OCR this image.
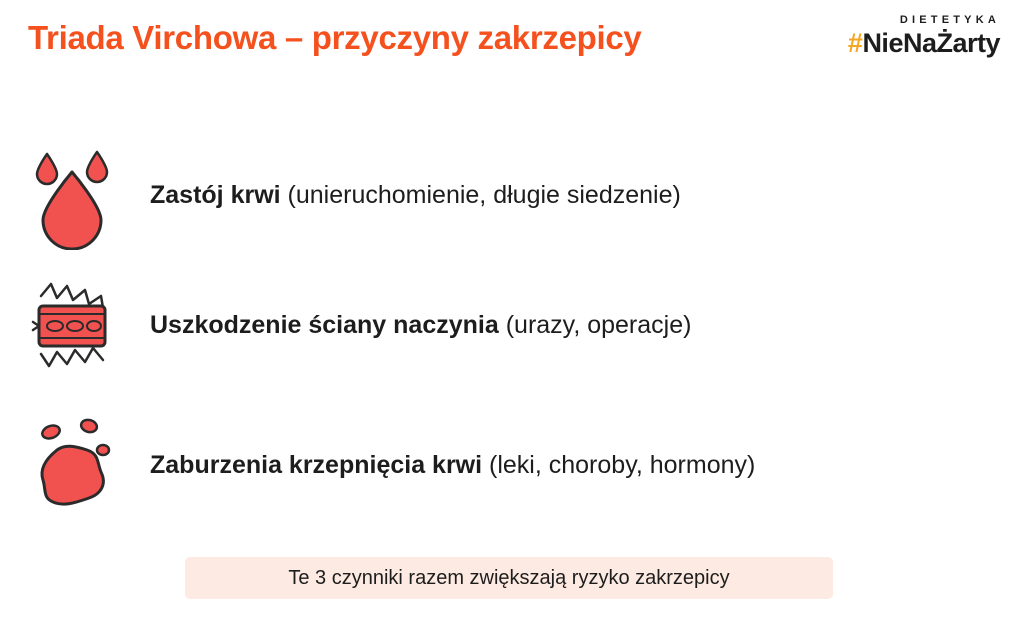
Triada Virchowa – przyczyny zakrzepicy	DIETETYKA
#NieNaŻarty
Zastój krwi (unieruchomienie, długie siedzenie)
Uszkodzenie ściany naczynia (urazy, operacje)
Zaburzenia krzepnięcia krwi (leki, choroby, hormony)
Te 3 czynniki razem zwiększają ryzyko zakrzepicy
